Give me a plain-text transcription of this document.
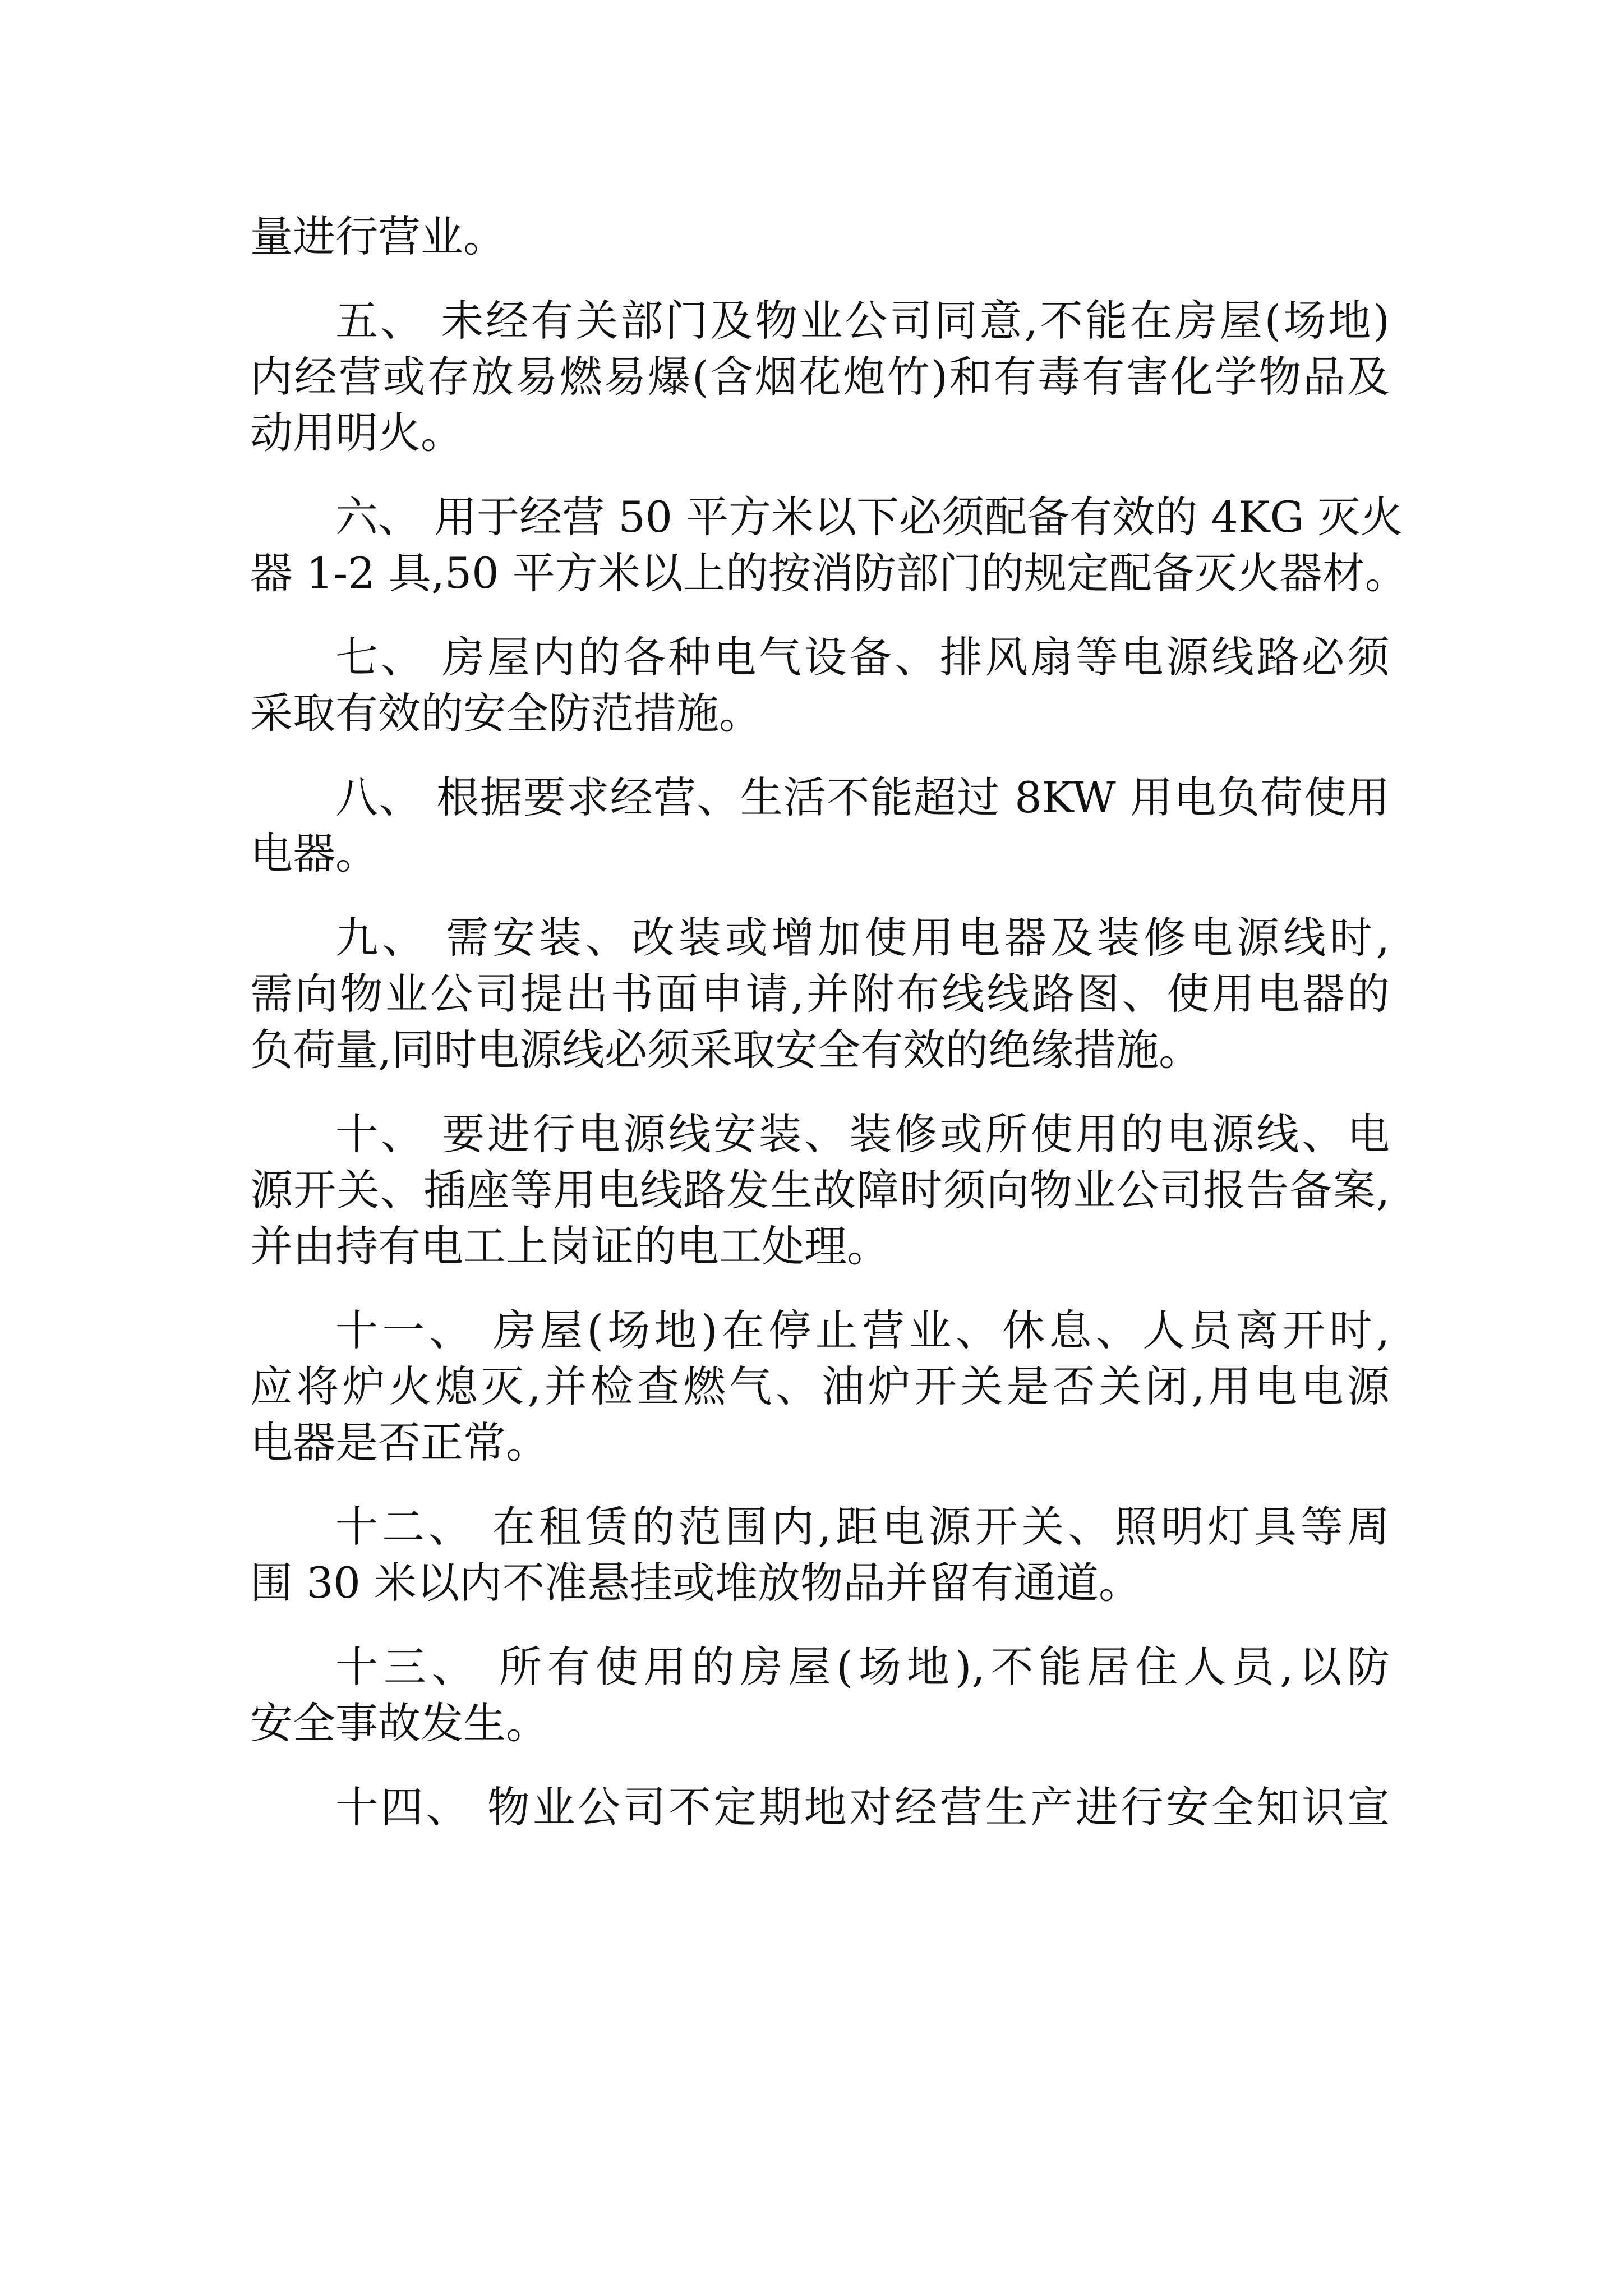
量进行营业。
五、 未经有关部门及物业公司同意,不能在房屋(场地)
内经营或存放易燃易爆(含烟花炮竹)和有毒有害化学物品及
动用明火。
六、 用于经营 50 平方米以下必须配备有效的 4KG 灭火
器 1-2 具,50 平方米以上的按消防部门的规定配备灭火器材。
七、 房屋内的各种电气设备、排风扇等电源线路必须
采取有效的安全防范措施。
八、 根据要求经营、生活不能超过 8KW 用电负荷使用
电器。
九、 需安装、改装或增加使用电器及装修电源线时,
需向物业公司提出书面申请,并附布线线路图、使用电器的
负荷量,同时电源线必须采取安全有效的绝缘措施。
十、 要进行电源线安装、装修或所使用的电源线、电
源开关、插座等用电线路发生故障时须向物业公司报告备案,
并由持有电工上岗证的电工处理。
十一、 房屋(场地)在停止营业、休息、人员离开时,
应将炉火熄灭,并检查燃气、油炉开关是否关闭,用电电源
电器是否正常。
十二、 在租赁的范围内,距电源开关、照明灯具等周
围 30 米以内不准悬挂或堆放物品并留有通道。
十三、 所有使用的房屋(场地),不能居住人员,以防
安全事故发生。
十四、 物业公司不定期地对经营生产进行安全知识宣
